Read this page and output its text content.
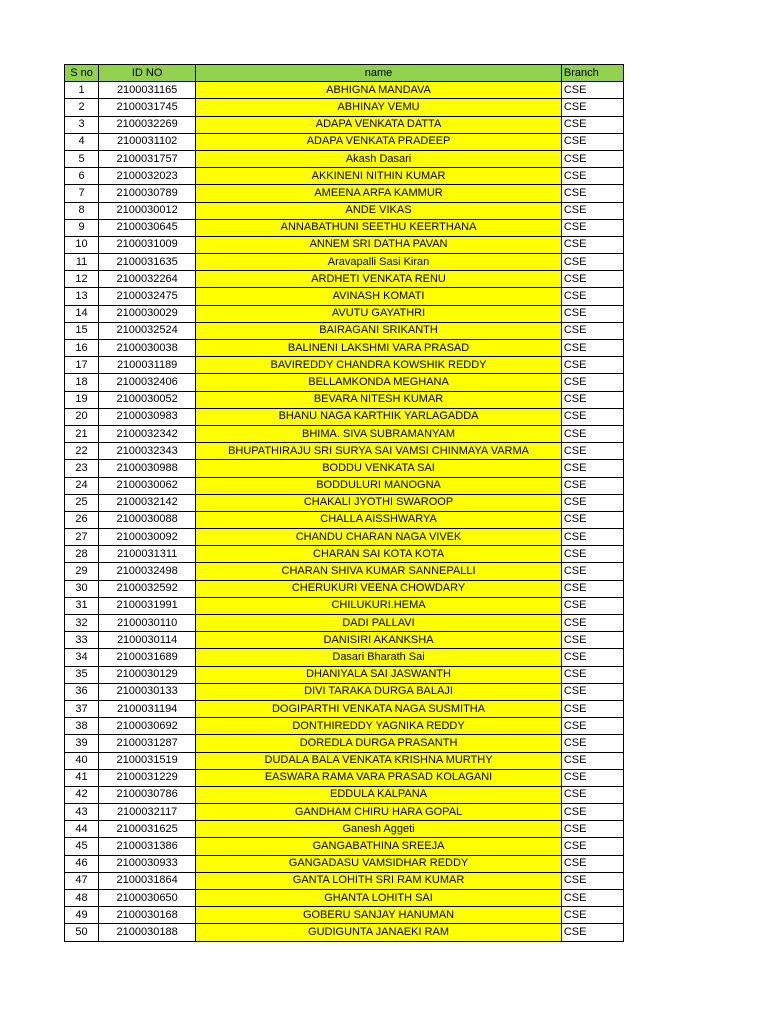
S no	ID NO	name	Branch
1	2100031165	ABHIGNA MANDAVA	CSE
2	2100031745	ABHINAY VEMU	CSE
3	2100032269	ADAPA VENKATA DATTA	CSE
4	2100031102	ADAPA VENKATA PRADEEP	CSE
5	2100031757	Akash Dasari	CSE
6	2100032023	AKKINENI NITHIN KUMAR	CSE
7	2100030789	AMEENA ARFA KAMMUR	CSE
8	2100030012	ANDE VIKAS	CSE
9	2100030645	ANNABATHUNI SEETHU KEERTHANA	CSE
10	2100031009	ANNEM SRI DATHA PAVAN	CSE
11	2100031635	Aravapalli Sasi Kiran	CSE
12	2100032264	ARDHETI VENKATA RENU	CSE
13	2100032475	AVINASH KOMATI	CSE
14	2100030029	AVUTU GAYATHRI	CSE
15	2100032524	BAIRAGANI SRIKANTH	CSE
16	2100030038	BALINENI LAKSHMI VARA PRASAD	CSE
17	2100031189	BAVIREDDY CHANDRA KOWSHIK REDDY	CSE
18	2100032406	BELLAMKONDA MEGHANA	CSE
19	2100030052	BEVARA NITESH KUMAR	CSE
20	2100030983	BHANU NAGA KARTHIK YARLAGADDA	CSE
21	2100032342	BHIMA. SIVA SUBRAMANYAM	CSE
22	2100032343	BHUPATHIRAJU SRI SURYA SAI VAMSI CHINMAYA VARMA	CSE
23	2100030988	BODDU VENKATA SAI	CSE
24	2100030062	BODDULURI MANOGNA	CSE
25	2100032142	CHAKALI JYOTHI SWAROOP	CSE
26	2100030088	CHALLA AISSHWARYA	CSE
27	2100030092	CHANDU CHARAN NAGA VIVEK	CSE
28	2100031311	CHARAN SAI KOTA KOTA	CSE
29	2100032498	CHARAN SHIVA KUMAR SANNEPALLI	CSE
30	2100032592	CHERUKURI VEENA CHOWDARY	CSE
31	2100031991	CHILUKURI.HEMA	CSE
32	2100030110	DADI PALLAVI	CSE
33	2100030114	DANISIRI AKANKSHA	CSE
34	2100031689	Dasari Bharath Sai	CSE
35	2100030129	DHANIYALA SAI JASWANTH	CSE
36	2100030133	DIVI TARAKA DURGA BALAJI	CSE
37	2100031194	DOGIPARTHI VENKATA NAGA SUSMITHA	CSE
38	2100030692	DONTHIREDDY YAGNIKA REDDY	CSE
39	2100031287	DOREDLA DURGA PRASANTH	CSE
40	2100031519	DUDALA BALA VENKATA KRISHNA MURTHY	CSE
41	2100031229	EASWARA RAMA VARA PRASAD KOLAGANI	CSE
42	2100030786	EDDULA KALPANA	CSE
43	2100032117	GANDHAM CHIRU HARA GOPAL	CSE
44	2100031625	Ganesh Aggeti	CSE
45	2100031386	GANGABATHINA SREEJA	CSE
46	2100030933	GANGADASU VAMSIDHAR REDDY	CSE
47	2100031864	GANTA LOHITH SRI RAM KUMAR	CSE
48	2100030650	GHANTA LOHITH SAI	CSE
49	2100030168	GOBERU SANJAY HANUMAN	CSE
50	2100030188	GUDIGUNTA JANAEKI RAM	CSE
